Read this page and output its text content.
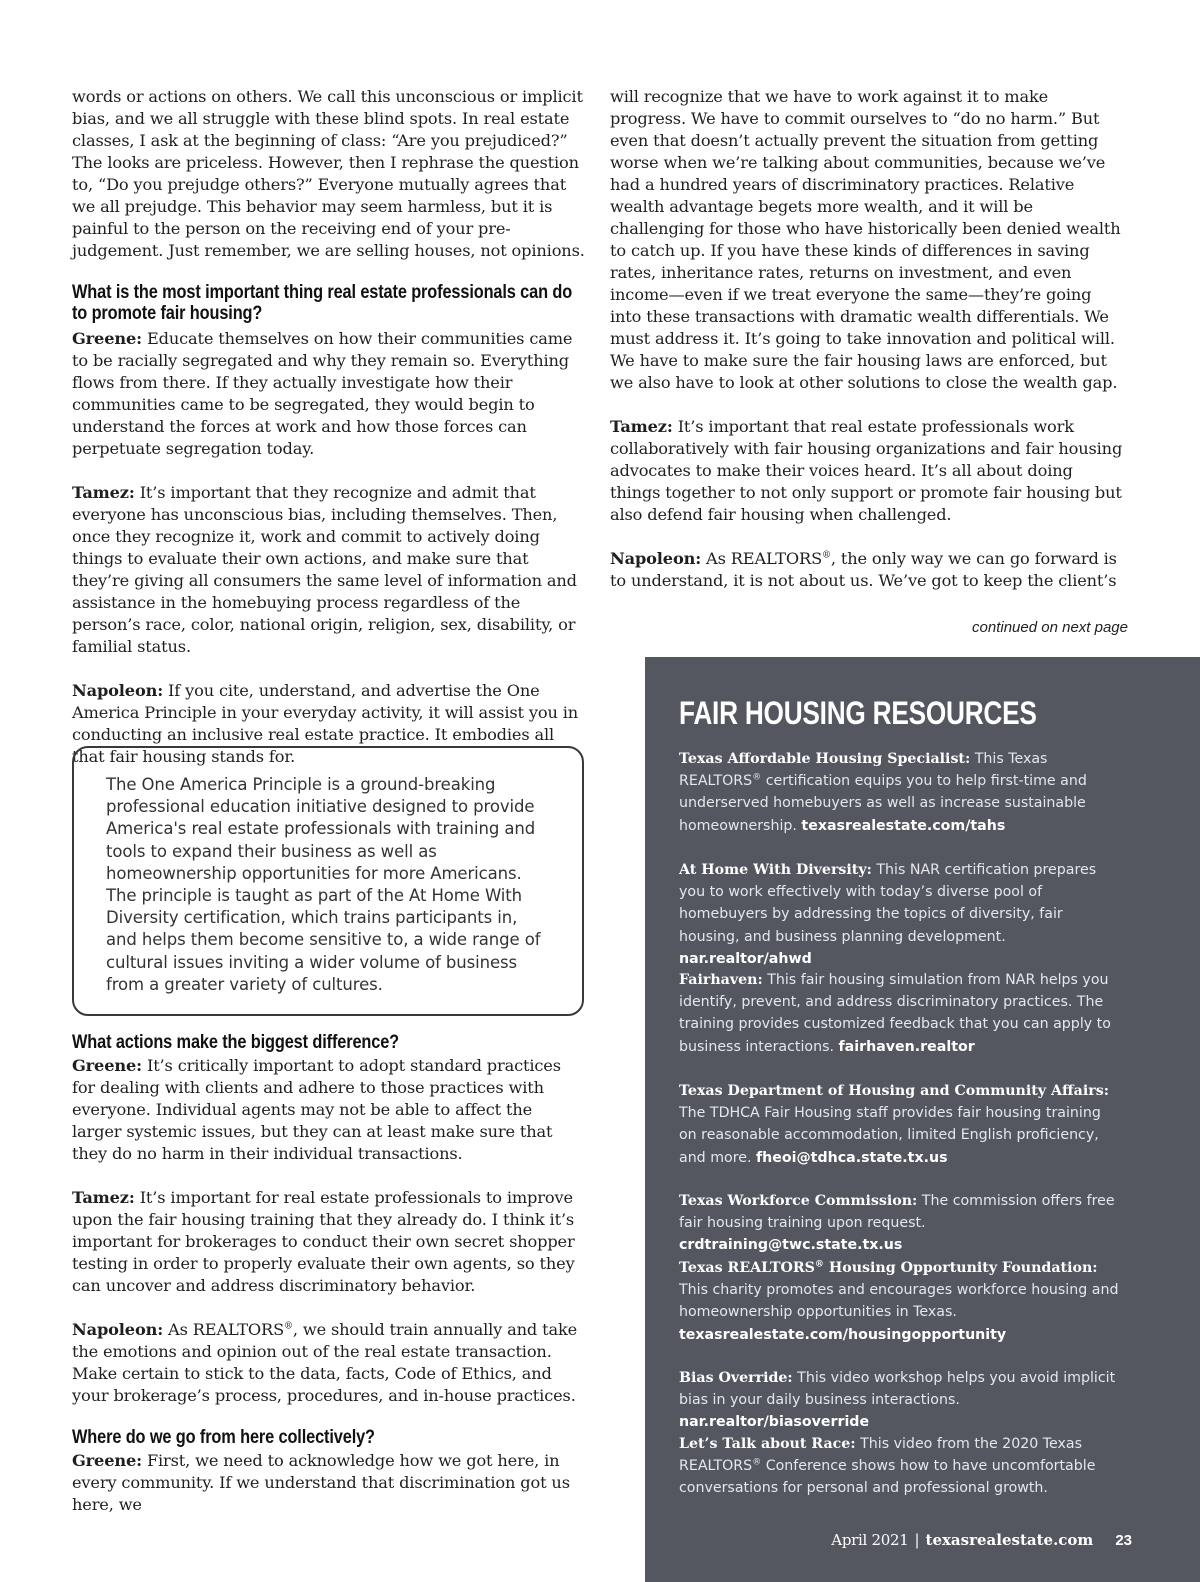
words or actions on others. We call this unconscious or implicit bias, and we all struggle with these blind spots. In real estate classes, I ask at the beginning of class: “Are you prejudiced?” The looks are priceless. However, then I rephrase the question to, “Do you prejudge others?” Everyone mutually agrees that we all prejudge. This behavior may seem harmless, but it is painful to the person on the receiving end of your pre-judgement. Just remember, we are selling houses, not opinions.

What is the most important thing real estate professionals can do to promote fair housing?

Greene: Educate themselves on how their communities came to be racially segregated and why they remain so. Everything flows from there. If they actually investigate how their communities came to be segregated, they would begin to understand the forces at work and how those forces can perpetuate segregation today.

Tamez: It’s important that they recognize and admit that everyone has unconscious bias, including themselves. Then, once they recognize it, work and commit to actively doing things to evaluate their own actions, and make sure that they’re giving all consumers the same level of information and assistance in the homebuying process regardless of the person’s race, color, national origin, religion, sex, disability, or familial status.

Napoleon: If you cite, understand, and advertise the One America Principle in your everyday activity, it will assist you in conducting an inclusive real estate practice. It embodies all that fair housing stands for.

The One America Principle is a ground-breaking professional education initiative designed to provide America's real estate professionals with training and tools to expand their business as well as homeownership opportunities for more Americans. The principle is taught as part of the At Home With Diversity certification, which trains participants in, and helps them become sensitive to, a wide range of cultural issues inviting a wider volume of business from a greater variety of cultures.
What actions make the biggest difference?

Greene: It’s critically important to adopt standard practices for dealing with clients and adhere to those practices with everyone. Individual agents may not be able to affect the larger systemic issues, but they can at least make sure that they do no harm in their individual transactions.

Tamez: It’s important for real estate professionals to improve upon the fair housing training that they already do. I think it’s important for brokerages to conduct their own secret shopper testing in order to properly evaluate their own agents, so they can uncover and address discriminatory behavior.

Napoleon: As REALTORS®, we should train annually and take the emotions and opinion out of the real estate transaction. Make certain to stick to the data, facts, Code of Ethics, and your brokerage’s process, procedures, and in-house practices.

Where do we go from here collectively?

Greene: First, we need to acknowledge how we got here, in every community. If we understand that discrimination got us here, we

will recognize that we have to work against it to make progress. We have to commit ourselves to “do no harm.” But even that doesn’t actually prevent the situation from getting worse when we’re talking about communities, because we’ve had a hundred years of discriminatory practices. Relative wealth advantage begets more wealth, and it will be challenging for those who have historically been denied wealth to catch up. If you have these kinds of differences in saving rates, inheritance rates, returns on investment, and even income—even if we treat everyone the same—they’re going into these transactions with dramatic wealth differentials. We must address it. It’s going to take innovation and political will. We have to make sure the fair housing laws are enforced, but we also have to look at other solutions to close the wealth gap.

Tamez: It’s important that real estate professionals work collaboratively with fair housing organizations and fair housing advocates to make their voices heard. It’s all about doing things together to not only support or promote fair housing but also defend fair housing when challenged.

Napoleon: As REALTORS®, the only way we can go forward is to understand, it is not about us. We’ve got to keep the client’s

continued on next page
FAIR HOUSING RESOURCES
Texas Affordable Housing Specialist: This Texas REALTORS® certification equips you to help first-time and underserved homebuyers as well as increase sustainable homeownership. texasrealestate.com/tahs
At Home With Diversity: This NAR certification prepares you to work effectively with today’s diverse pool of homebuyers by addressing the topics of diversity, fair housing, and business planning development. nar.realtor/ahwd
Fairhaven: This fair housing simulation from NAR helps you identify, prevent, and address discriminatory practices. The training provides customized feedback that you can apply to business interactions. fairhaven.realtor
Texas Department of Housing and Community Affairs: The TDHCA Fair Housing staff provides fair housing training on reasonable accommodation, limited English proficiency, and more. fheoi@tdhca.state.tx.us
Texas Workforce Commission: The commission offers free fair housing training upon request. crdtraining@twc.state.tx.us
Texas REALTORS® Housing Opportunity Foundation: This charity promotes and encourages workforce housing and homeownership opportunities in Texas. texasrealestate.com/housingopportunity
Bias Override: This video workshop helps you avoid implicit bias in your daily business interactions. nar.realtor/biasoverride
Let’s Talk about Race: This video from the 2020 Texas REALTORS® Conference shows how to have uncomfortable conversations for personal and professional growth.
April 2021 | texasrealestate.com 23
